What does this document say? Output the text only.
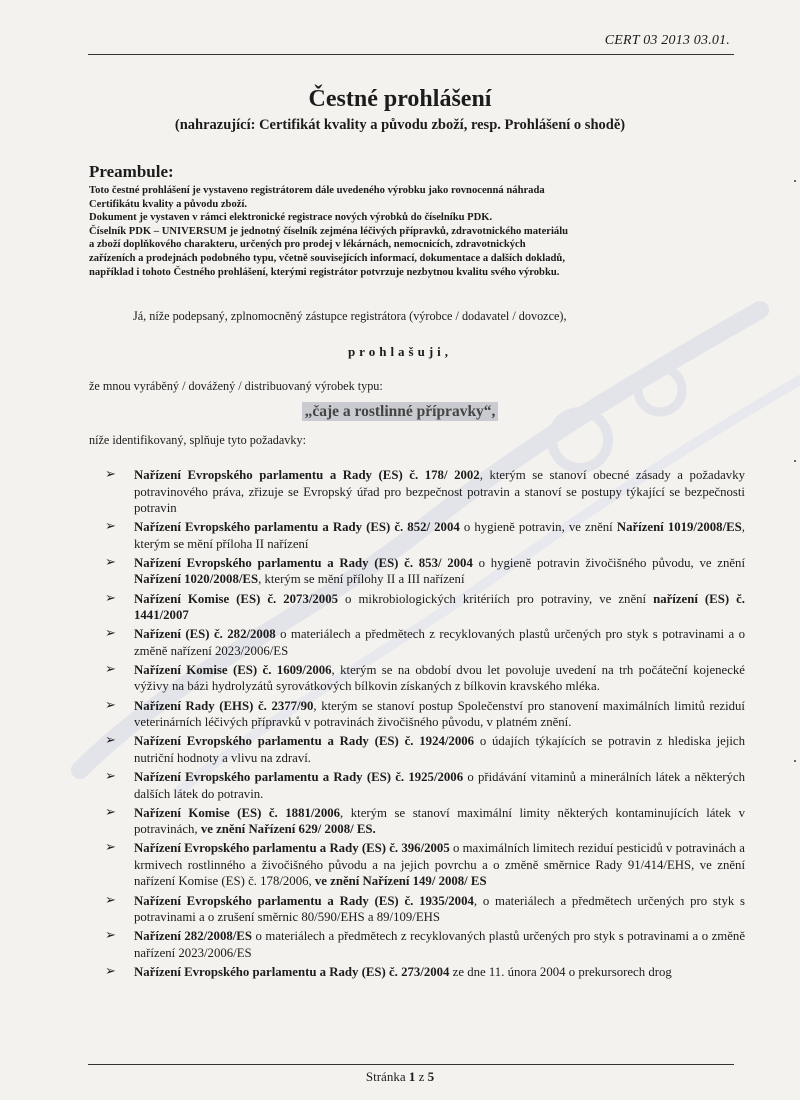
CERT 03 2013 03.01.
Čestné prohlášení
(nahrazující: Certifikát kvality a původu zboží, resp. Prohlášení o shodě)
Preambule:
Toto čestné prohlášení je vystaveno registrátorem dále uvedeného výrobku jako rovnocenná náhrada
Certifikátu kvality a původu zboží.
Dokument je vystaven v rámci elektronické registrace nových výrobků do číselníku PDK.
Číselník PDK – UNIVERSUM je jednotný číselník zejména léčivých přípravků, zdravotnického materiálu
a zboží doplňkového charakteru, určených pro prodej v lékárnách, nemocnicích, zdravotnických
zařízeních a prodejnách podobného typu, včetně souvisejících informací, dokumentace a dalších dokladů,
například i tohoto Čestného prohlášení, kterými registrátor potvrzuje nezbytnou kvalitu svého výrobku.
Já, níže podepsaný, zplnomocněný zástupce registrátora (výrobce / dodavatel / dovozce),
prohlašuji,
že mnou vyráběný / dovážený / distribuovaný výrobek typu:
„čaje a rostlinné přípravky“,
níže identifikovaný, splňuje tyto požadavky:
➢ Nařízení Evropského parlamentu a Rady (ES) č. 178/ 2002, kterým se stanoví obecné zásady a požadavky potravinového práva, zřizuje se Evropský úřad pro bezpečnost potravin a stanoví se postupy týkající se bezpečnosti potravin
➢ Nařízení Evropského parlamentu a Rady (ES) č. 852/ 2004 o hygieně potravin, ve znění Nařízení 1019/2008/ES, kterým se mění příloha II nařízení
➢ Nařízení Evropského parlamentu a Rady (ES) č. 853/ 2004 o hygieně potravin živočišného původu, ve znění Nařízení 1020/2008/ES, kterým se mění přílohy II a III nařízení
➢ Nařízení Komise (ES) č. 2073/2005 o mikrobiologických kritériích pro potraviny, ve znění nařízení (ES) č. 1441/2007
➢ Nařízení (ES) č. 282/2008 o materiálech a předmětech z recyklovaných plastů určených pro styk s potravinami a o změně nařízení 2023/2006/ES
➢ Nařízení Komise (ES) č. 1609/2006, kterým se na období dvou let povoluje uvedení na trh počáteční kojenecké výživy na bázi hydrolyzátů syrovátkových bílkovin získaných z bílkovin kravského mléka.
➢ Nařízení Rady (EHS) č. 2377/90, kterým se stanoví postup Společenství pro stanovení maximálních limitů reziduí veterinárních léčivých přípravků v potravinách živočišného původu, v platném znění.
➢ Nařízení Evropského parlamentu a Rady (ES) č. 1924/2006 o údajích týkajících se potravin z hlediska jejich nutriční hodnoty a vlivu na zdraví.
➢ Nařízení Evropského parlamentu a Rady (ES) č. 1925/2006 o přidávání vitaminů a minerálních látek a některých dalších látek do potravin.
➢ Nařízení Komise (ES) č. 1881/2006, kterým se stanoví maximální limity některých kontaminujících látek v potravinách, ve znění Nařízení 629/ 2008/ ES.
➢ Nařízení Evropského parlamentu a Rady (ES) č. 396/2005 o maximálních limitech reziduí pesticidů v potravinách a krmivech rostlinného a živočišného původu a na jejich povrchu a o změně směrnice Rady 91/414/EHS, ve znění nařízení Komise (ES) č. 178/2006, ve znění Nařízení 149/ 2008/ ES
➢ Nařízení Evropského parlamentu a Rady (ES) č. 1935/2004, o materiálech a předmětech určených pro styk s potravinami a o zrušení směrnic 80/590/EHS a 89/109/EHS
➢ Nařízení 282/2008/ES o materiálech a předmětech z recyklovaných plastů určených pro styk s potravinami a o změně nařízení 2023/2006/ES
➢ Nařízení Evropského parlamentu a Rady (ES) č. 273/2004 ze dne 11. února 2004 o prekursorech drog
Stránka 1 z 5
